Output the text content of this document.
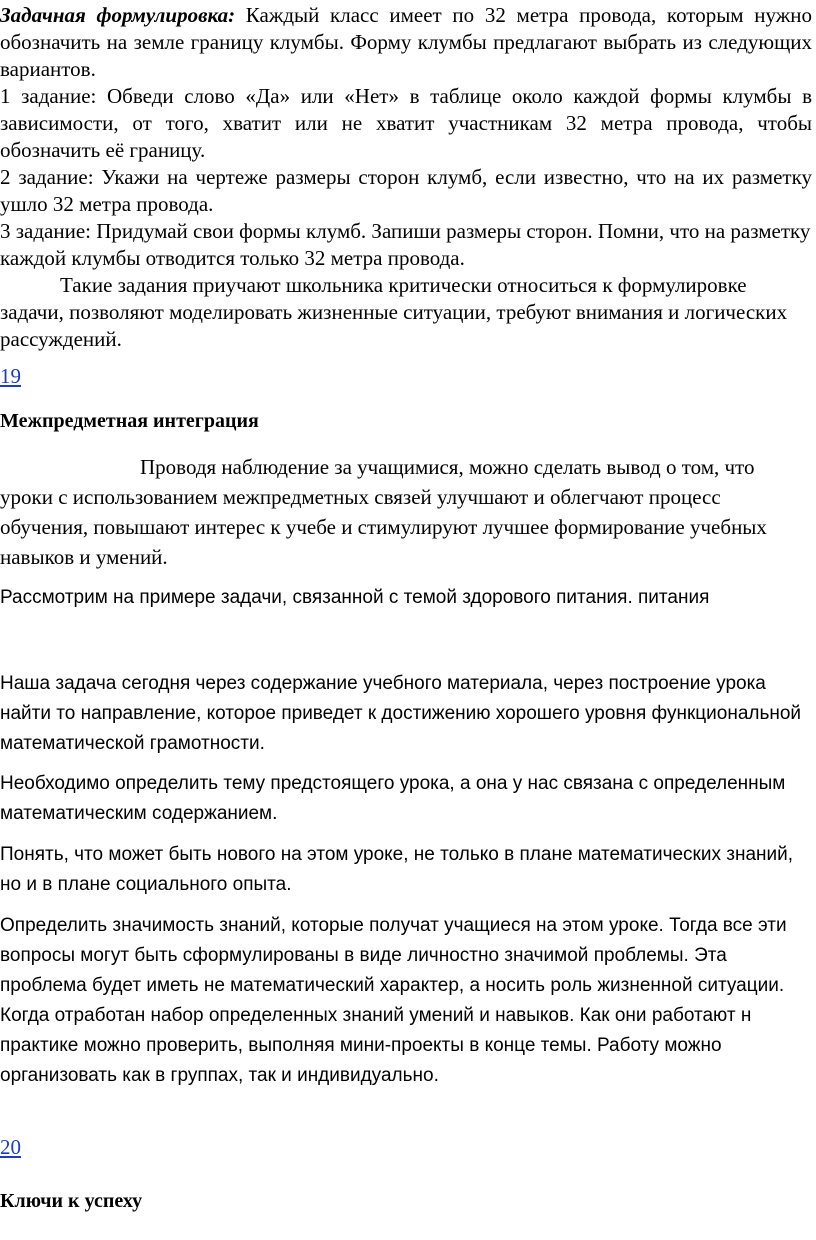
Задачная формулировка: Каждый класс имеет по 32 метра провода, которым нужно обозначить на земле границу клумбы. Форму клумбы предлагают выбрать из следующих вариантов.

1 задание: Обведи слово «Да» или «Нет» в таблице около каждой формы клумбы в зависимости, от того, хватит или не хватит участникам 32 метра провода, чтобы обозначить её границу.

2 задание: Укажи на чертеже размеры сторон клумб, если известно, что на их разметку ушло 32 метра провода.

3 задание: Придумай свои формы клумб. Запиши размеры сторон. Помни, что на разметку каждой клумбы отводится только 32 метра провода.

Такие задания приучают школьника критически относиться к формулировке задачи, позволяют моделировать жизненные ситуации, требуют внимания и логических рассуждений.

19
Межпредметная интеграция

Проводя наблюдение за учащимися, можно сделать вывод о том, что уроки с использованием межпредметных связей улучшают и облегчают процесс обучения, повышают интерес к учебе и стимулируют лучшее формирование учебных навыков и умений.

Рассмотрим на примере задачи, связанной с темой здорового питания. питания

Наша задача сегодня через содержание учебного материала, через построение урока найти то направление, которое приведет к достижению хорошего уровня функциональной математической грамотности.

Необходимо определить тему предстоящего урока, а она у нас связана с определенным математическим содержанием.

Понять, что может быть нового на этом уроке, не только в плане математических знаний, но и в плане социального опыта.

Определить значимость знаний, которые получат учащиеся на этом уроке. Тогда все эти вопросы могут быть сформулированы в виде личностно значимой проблемы. Эта проблема будет иметь не математический характер, а носить роль жизненной ситуации. Когда отработан набор определенных знаний умений и навыков. Как они работают н практике можно проверить, выполняя мини-проекты в конце темы. Работу можно организовать как в группах, так и индивидуально.

20
Ключи к успеху
